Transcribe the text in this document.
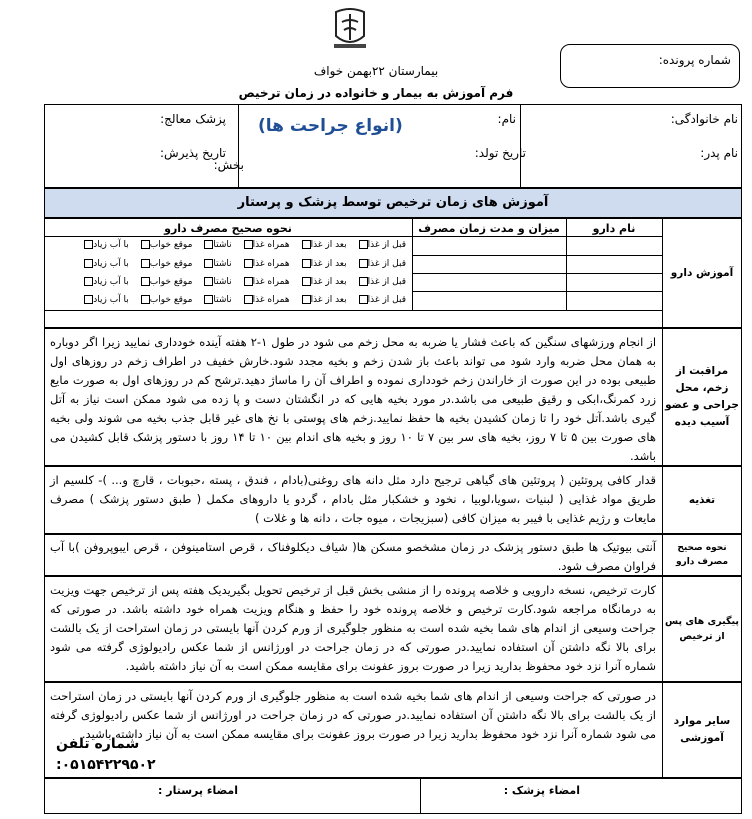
بیمارستان ۲۲بهمن خواف
فرم آموزش به بیمار و خانواده در زمان ترخیص
شماره پرونده:
نام خانوادگی:
نام پدر:
نام:
تاریخ تولد:
(انواع جراحت ها)
بخش:
پزشک معالج:
تاریخ پذیرش:
آموزش های زمان ترخیص توسط پزشک و پرستار
آموزش دارو
نام دارو
میزان و مدت زمان مصرف
نحوه صحیح مصرف دارو
قبل از غذا
بعد از غذا
همراه غذا
ناشتا
موقع خواب
با آب زیاد
قبل از غذا
بعد از غذا
همراه غذا
ناشتا
موقع خواب
با آب زیاد
قبل از غذا
بعد از غذا
همراه غذا
ناشتا
موقع خواب
با آب زیاد
قبل از غذا
بعد از غذا
همراه غذا
ناشتا
موقع خواب
با آب زیاد
مراقبت از زخم، محل جراحی و عضو آسیب دیده
از انجام ورزشهای سنگین که باعث فشار یا ضربه به محل زخم می شود در طول ۱-۲ هفته آینده خودداری نمایید زیرا اگر دوباره به همان محل ضربه وارد شود می تواند باعث باز شدن زخم و بخیه مجدد شود.خارش خفیف در اطراف زخم در روزهای اول طبیعی بوده در این صورت از خاراندن زخم خودداری نموده و اطراف آن را ماساژ دهید.ترشح کم در روزهای اول به صورت مایع زرد کمرنگ،ابکی و رقیق طبیعی می باشد.در مورد بخیه هایی که در انگشتان دست و پا زده می شود ممکن است نیاز به آتل گیری باشد.آتل خود را تا زمان کشیدن بخیه ها حفظ نمایید.زخم های پوستی با نخ های غیر قابل جذب بخیه می شوند ولی بخیه های صورت بین ۵ تا ۷ روز، بخیه های سر بین ۷ تا ۱۰ روز و بخیه های اندام بین ۱۰ تا ۱۴ روز با دستور پزشک قابل کشیدن می باشد.
تغذیه
قدار کافی پروتئین ( پروتئین های گیاهی ترجیح دارد مثل دانه های روغنی(بادام ، فندق ، پسته ،حبوبات ، قارچ و... )- کلسیم از طریق مواد غذایی ( لبنیات ،سویا،لوبیا ، نخود و خشکبار مثل بادام ، گردو یا داروهای مکمل ( طبق دستور پزشک ) مصرف مایعات و رژیم غذایی با فیبر به میزان کافی (سبزیجات ، میوه جات ، دانه ها و غلات )
نحوه صحیح مصرف دارو
آنتی بیوتیک ها طبق دستور پزشک در زمان مشخصو مسکن ها( شیاف دیکلوفناک ، قرص استامینوفن ، قرص ایبوپروفن )با آب فراوان مصرف شود.
پیگیری های پس از ترخیص
کارت ترخیص، نسخه دارویی و خلاصه پرونده را از منشی بخش قبل از ترخیص تحویل بگیریدیک هفته پس از ترخیص جهت ویزیت به درمانگاه مراجعه شود.کارت ترخیص و خلاصه پرونده خود را حفظ و هنگام ویزیت همراه خود داشته باشد. در صورتی که جراحت وسیعی از اندام های شما بخیه شده است به منظور جلوگیری از ورم کردن آنها بایستی در زمان استراحت از یک بالشت برای بالا نگه داشتن آن استفاده نمایید.در صورتی که در زمان جراحت در اورژانس از شما عکس رادیولوژی گرفته می شود شماره آنرا نزد خود محفوظ بدارید زیرا در صورت بروز عفونت برای مقایسه ممکن است به آن نیاز داشته باشید.
سایر موارد آموزشی
در صورتی که جراحت وسیعی از اندام های شما بخیه شده است به منظور جلوگیری از ورم کردن آنها بایستی در زمان استراحت از یک بالشت برای بالا نگه داشتن آن استفاده نمایید.در صورتی که در زمان جراحت در اورژانس از شما عکس رادیولوژی گرفته می شود شماره آنرا نزد خود محفوظ بدارید زیرا در صورت بروز عفونت برای مقایسه ممکن است به آن نیاز داشته باشید.
۰۵۱۵۴۲۲۹۵۰۲:
شماره تلفن
امضاء پزشک :
امضاء پرستار :
